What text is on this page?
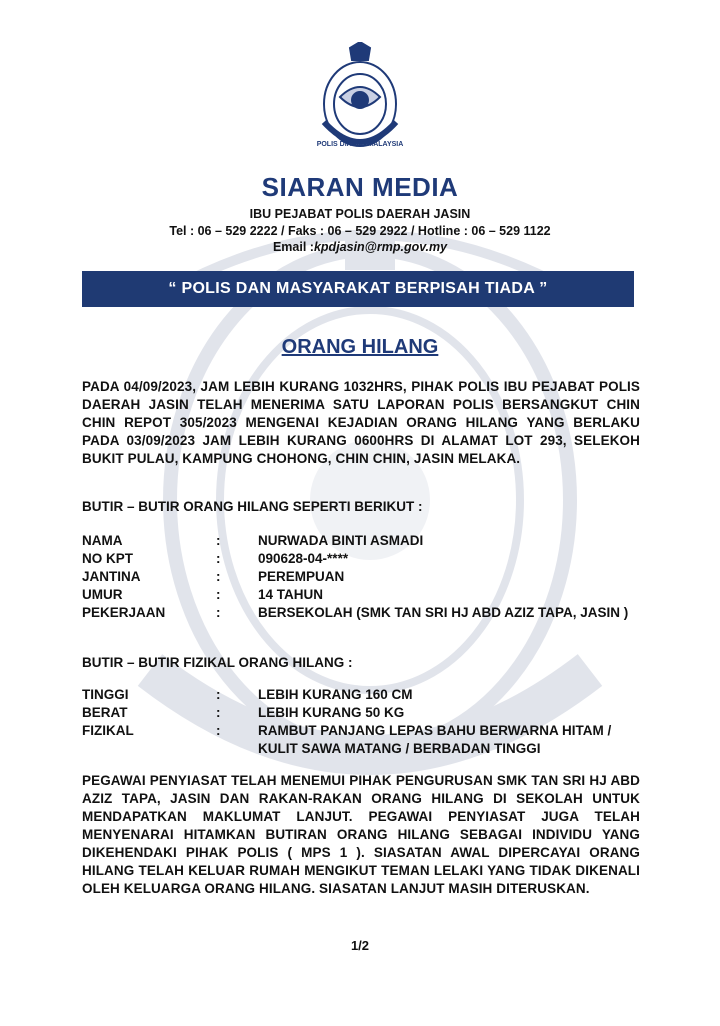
POLIS DIRAJA MALAYSIA
SIARAN MEDIA
IBU PEJABAT POLIS DAERAH JASIN
Tel : 06 – 529 2222 / Faks : 06 – 529 2922 / Hotline : 06 – 529 1122
Email :kpdjasin@rmp.gov.my
“ POLIS DAN MASYARAKAT BERPISAH TIADA ”
ORANG HILANG
PADA 04/09/2023, JAM LEBIH KURANG 1032HRS, PIHAK POLIS IBU PEJABAT POLIS DAERAH JASIN TELAH MENERIMA SATU LAPORAN POLIS BERSANGKUT CHIN CHIN REPOT 305/2023 MENGENAI KEJADIAN ORANG HILANG YANG BERLAKU PADA 03/09/2023 JAM LEBIH KURANG 0600HRS DI ALAMAT LOT 293, SELEKOH BUKIT PULAU, KAMPUNG CHOHONG, CHIN CHIN, JASIN MELAKA.
BUTIR – BUTIR ORANG HILANG SEPERTI BERIKUT :
NAMA	:	NURWADA BINTI ASMADI
NO KPT	:	090628-04-****
JANTINA	:	PEREMPUAN
UMUR	:	14 TAHUN
PEKERJAAN	:	BERSEKOLAH (SMK TAN SRI HJ ABD AZIZ TAPA, JASIN )
BUTIR – BUTIR FIZIKAL ORANG HILANG :
TINGGI	:	LEBIH KURANG 160 CM
BERAT	:	LEBIH KURANG 50 KG
FIZIKAL	:	RAMBUT PANJANG LEPAS BAHU BERWARNA HITAM / KULIT SAWA MATANG / BERBADAN TINGGI
PEGAWAI PENYIASAT TELAH MENEMUI PIHAK PENGURUSAN SMK TAN SRI HJ ABD AZIZ TAPA, JASIN DAN RAKAN-RAKAN ORANG HILANG DI SEKOLAH UNTUK MENDAPATKAN MAKLUMAT LANJUT. PEGAWAI PENYIASAT JUGA TELAH MENYENARAI HITAMKAN BUTIRAN ORANG HILANG SEBAGAI INDIVIDU YANG DIKEHENDAKI PIHAK POLIS ( MPS 1 ). SIASATAN AWAL DIPERCAYAI ORANG HILANG TELAH KELUAR RUMAH MENGIKUT TEMAN LELAKI YANG TIDAK DIKENALI OLEH KELUARGA ORANG HILANG. SIASATAN LANJUT MASIH DITERUSKAN.
1/2
